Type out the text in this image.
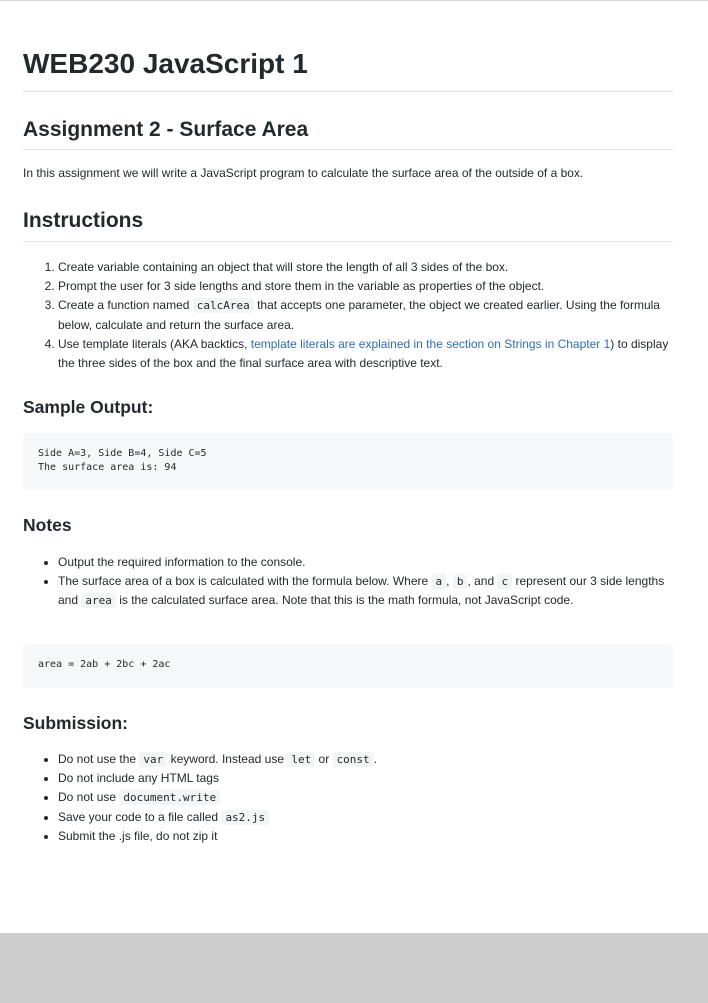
WEB230 JavaScript 1
Assignment 2 - Surface Area
In this assignment we will write a JavaScript program to calculate the surface area of the outside of a box.
Instructions
1. Create variable containing an object that will store the length of all 3 sides of the box.
2. Prompt the user for 3 side lengths and store them in the variable as properties of the object.
3. Create a function named calcArea that accepts one parameter, the object we created earlier. Using the formula below, calculate and return the surface area.
4. Use template literals (AKA backtics, template literals are explained in the section on Strings in Chapter 1) to display the three sides of the box and the final surface area with descriptive text.
Sample Output:
Side A=3, Side B=4, Side C=5
The surface area is: 94
Notes
• Output the required information to the console.
• The surface area of a box is calculated with the formula below. Where a , b , and c represent our 3 side lengths and area is the calculated surface area. Note that this is the math formula, not JavaScript code.
area = 2ab + 2bc + 2ac
Submission:
• Do not use the var keyword. Instead use let or const .
• Do not include any HTML tags
• Do not use document.write
• Save your code to a file called as2.js
• Submit the .js file, do not zip it
